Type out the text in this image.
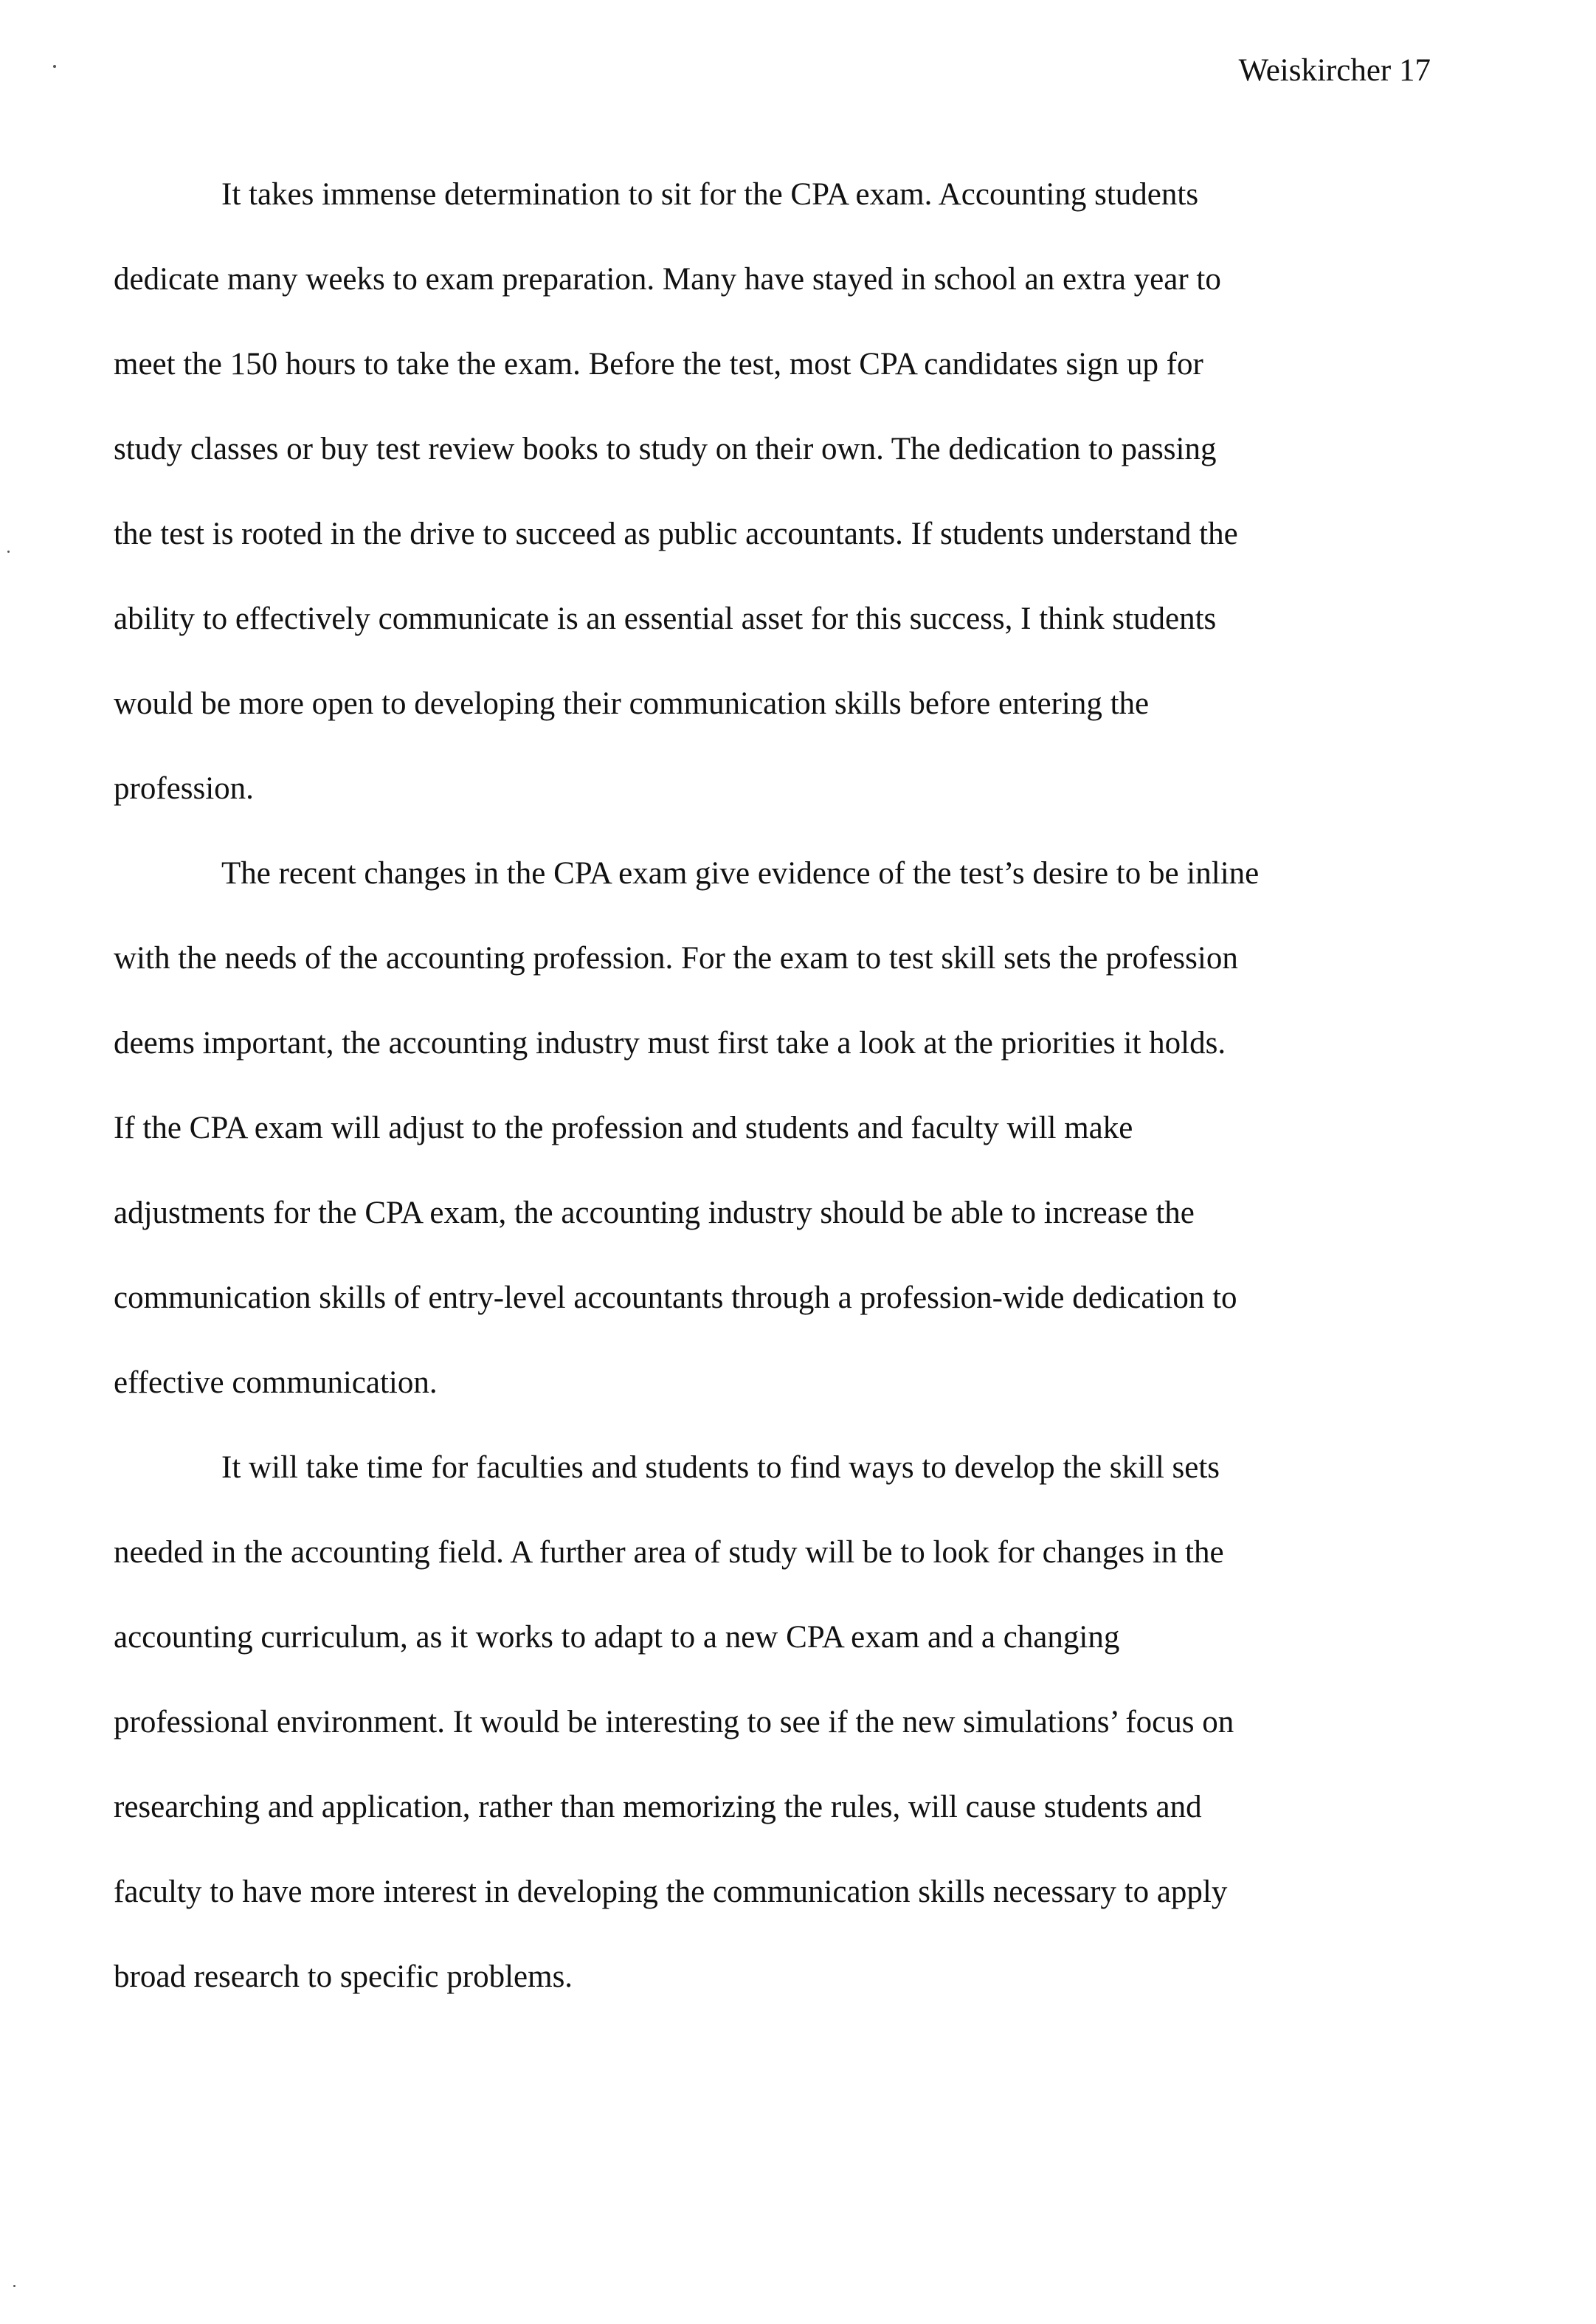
Weiskircher 17
It takes immense determination to sit for the CPA exam. Accounting students
dedicate many weeks to exam preparation. Many have stayed in school an extra year to
meet the 150 hours to take the exam. Before the test, most CPA candidates sign up for
study classes or buy test review books to study on their own. The dedication to passing
the test is rooted in the drive to succeed as public accountants. If students understand the
ability to effectively communicate is an essential asset for this success, I think students
would be more open to developing their communication skills before entering the
profession.
The recent changes in the CPA exam give evidence of the test’s desire to be inline
with the needs of the accounting profession. For the exam to test skill sets the profession
deems important, the accounting industry must first take a look at the priorities it holds.
If the CPA exam will adjust to the profession and students and faculty will make
adjustments for the CPA exam, the accounting industry should be able to increase the
communication skills of entry-level accountants through a profession-wide dedication to
effective communication.
It will take time for faculties and students to find ways to develop the skill sets
needed in the accounting field. A further area of study will be to look for changes in the
accounting curriculum, as it works to adapt to a new CPA exam and a changing
professional environment. It would be interesting to see if the new simulations’ focus on
researching and application, rather than memorizing the rules, will cause students and
faculty to have more interest in developing the communication skills necessary to apply
broad research to specific problems.
